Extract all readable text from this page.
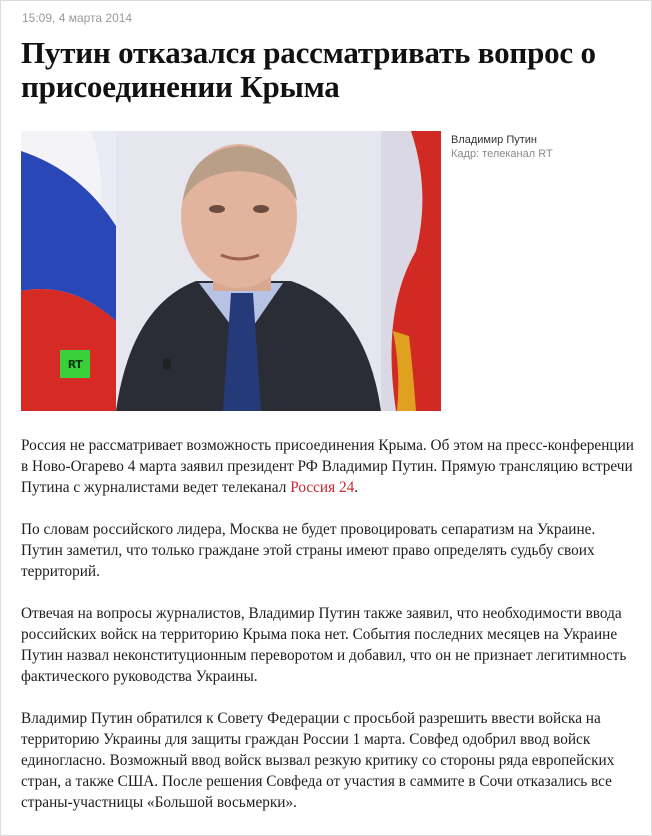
15:09, 4 марта 2014
Путин отказался рассматривать вопрос о присоединении Крыма
RT
Владимир Путин
Кадр: телеканал RT

Россия не рассматривает возможность присоединения Крыма. Об этом на пресс-конференции в Ново-Огарево 4 марта заявил президент РФ Владимир Путин. Прямую трансляцию встречи Путина с журналистами ведет телеканал Россия 24.

По словам российского лидера, Москва не будет провоцировать сепаратизм на Украине. Путин заметил, что только граждане этой страны имеют право определять судьбу своих территорий.

Отвечая на вопросы журналистов, Владимир Путин также заявил, что необходимости ввода российских войск на территорию Крыма пока нет. События последних месяцев на Украине Путин назвал неконституционным переворотом и добавил, что он не признает легитимность фактического руководства Украины.

Владимир Путин обратился к Совету Федерации с просьбой разрешить ввести войска на территорию Украины для защиты граждан России 1 марта. Совфед одобрил ввод войск единогласно. Возможный ввод войск вызвал резкую критику со стороны ряда европейских стран, а также США. После решения Совфеда от участия в саммите в Сочи отказались все страны-участницы «Большой восьмерки».
